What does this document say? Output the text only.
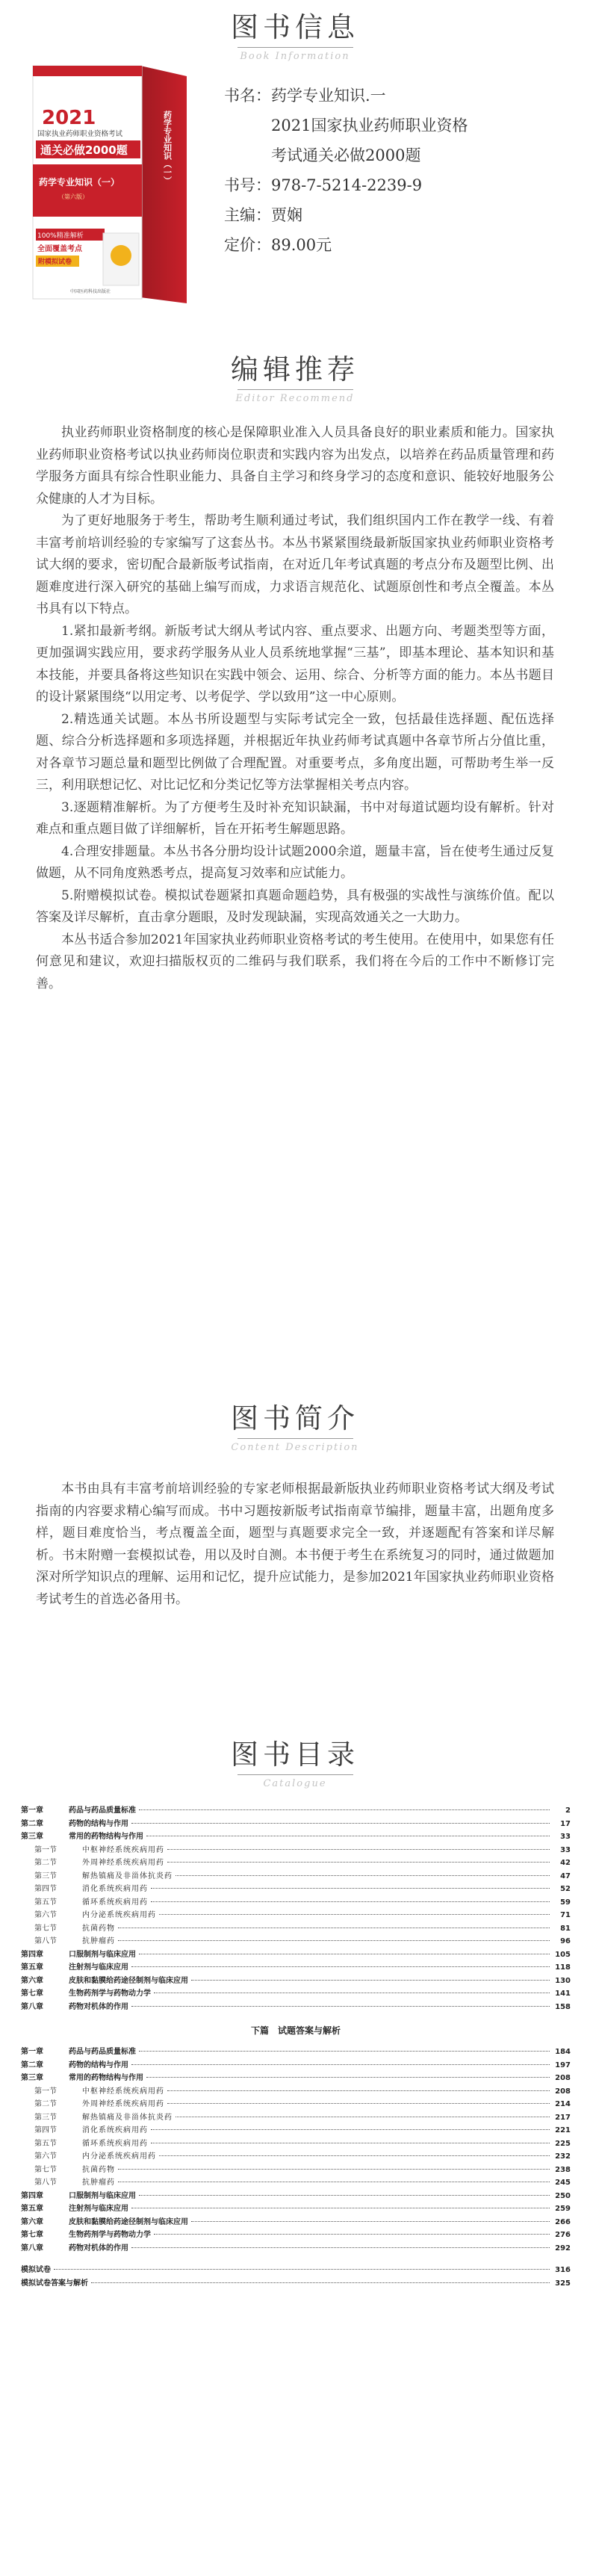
图书信息
Book Information
2021
国家执业药师职业资格考试
通关必做2000题
药学专业知识（一）
（第六版）
100%精准解析
全面覆盖考点
附模拟试卷
中国医药科技出版社
药学专业知识（一）
书名： 药学专业知识.一
2021国家执业药师职业资格
考试通关必做2000题
书号： 978-7-5214-2239-9
主编： 贾娴
定价： 89.00元
编辑推荐
Editor Recommend

执业药师职业资格制度的核心是保障职业准入人员具备良好的职业素质和能力。国家执业药师职业资格考试以执业药师岗位职责和实践内容为出发点，以培养在药品质量管理和药学服务方面具有综合性职业能力、具备自主学习和终身学习的态度和意识、能较好地服务公众健康的人才为目标。

为了更好地服务于考生，帮助考生顺利通过考试，我们组织国内工作在教学一线、有着丰富考前培训经验的专家编写了这套丛书。本丛书紧紧围绕最新版国家执业药师职业资格考试大纲的要求，密切配合最新版考试指南，在对近几年考试真题的考点分布及题型比例、出题难度进行深入研究的基础上编写而成，力求语言规范化、试题原创性和考点全覆盖。本丛书具有以下特点。

1.紧扣最新考纲。新版考试大纲从考试内容、重点要求、出题方向、考题类型等方面，更加强调实践应用，要求药学服务从业人员系统地掌握“三基”，即基本理论、基本知识和基本技能，并要具备将这些知识在实践中领会、运用、综合、分析等方面的能力。本丛书题目的设计紧紧围绕“以用定考、以考促学、学以致用”这一中心原则。

2.精选通关试题。本丛书所设题型与实际考试完全一致，包括最佳选择题、配伍选择题、综合分析选择题和多项选择题，并根据近年执业药师考试真题中各章节所占分值比重，对各章节习题总量和题型比例做了合理配置。对重要考点，多角度出题，可帮助考生举一反三，利用联想记忆、对比记忆和分类记忆等方法掌握相关考点内容。

3.逐题精准解析。为了方便考生及时补充知识缺漏，书中对每道试题均设有解析。针对难点和重点题目做了详细解析，旨在开拓考生解题思路。

4.合理安排题量。本丛书各分册均设计试题2000余道，题量丰富，旨在使考生通过反复做题，从不同角度熟悉考点，提高复习效率和应试能力。

5.附赠模拟试卷。模拟试卷题紧扣真题命题趋势，具有极强的实战性与演练价值。配以答案及详尽解析，直击拿分题眼，及时发现缺漏，实现高效通关之一大助力。

本丛书适合参加2021年国家执业药师职业资格考试的考生使用。在使用中，如果您有任何意见和建议，欢迎扫描版权页的二维码与我们联系，我们将在今后的工作中不断修订完善。

图书简介
Content Description

本书由具有丰富考前培训经验的专家老师根据最新版执业药师职业资格考试大纲及考试指南的内容要求精心编写而成。书中习题按新版考试指南章节编排，题量丰富，出题角度多样，题目难度恰当，考点覆盖全面，题型与真题要求完全一致，并逐题配有答案和详尽解析。书末附赠一套模拟试卷，用以及时自测。本书便于考生在系统复习的同时，通过做题加深对所学知识点的理解、运用和记忆，提升应试能力，是参加2021年国家执业药师职业资格考试考生的首选必备用书。

图书目录
Catalogue
第一章	药品与药品质量标准	2
第二章	药物的结构与作用	17
第三章	常用的药物结构与作用	33
第一节	中枢神经系统疾病用药	33
第二节	外周神经系统疾病用药	42
第三节	解热镇痛及非甾体抗炎药	47
第四节	消化系统疾病用药	52
第五节	循环系统疾病用药	59
第六节	内分泌系统疾病用药	71
第七节	抗菌药物	81
第八节	抗肿瘤药	96
第四章	口服制剂与临床应用	105
第五章	注射剂与临床应用	118
第六章	皮肤和黏膜给药途径制剂与临床应用	130
第七章	生物药剂学与药物动力学	141
第八章	药物对机体的作用	158
下篇　试题答案与解析
第一章	药品与药品质量标准	184
第二章	药物的结构与作用	197
第三章	常用的药物结构与作用	208
第一节	中枢神经系统疾病用药	208
第二节	外周神经系统疾病用药	214
第三节	解热镇痛及非甾体抗炎药	217
第四节	消化系统疾病用药	221
第五节	循环系统疾病用药	225
第六节	内分泌系统疾病用药	232
第七节	抗菌药物	238
第八节	抗肿瘤药	245
第四章	口服制剂与临床应用	250
第五章	注射剂与临床应用	259
第六章	皮肤和黏膜给药途径制剂与临床应用	266
第七章	生物药剂学与药物动力学	276
第八章	药物对机体的作用	292
模拟试卷	316
模拟试卷答案与解析	325
